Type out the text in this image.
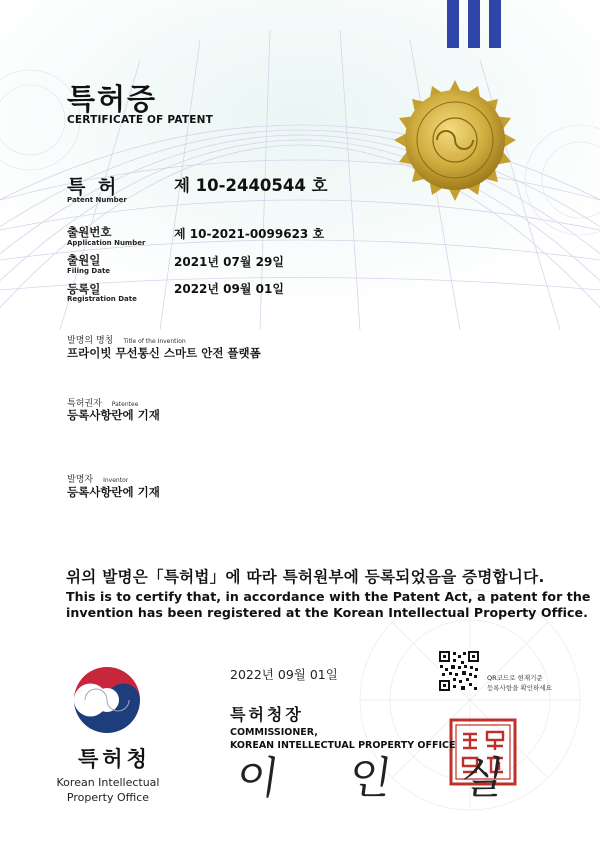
특허증
CERTIFICATE OF PATENT
특 허
Patent Number
제 10-2440544 호
출원번호
Application Number
제 10-2021-0099623 호
출원일
Filing Date
2021년 07월 29일
등록일
Registration Date
2022년 09월 01일
발명의 명칭 Title of the Invention
프라이빗 무선통신 스마트 안전 플랫폼
특허권자 Patentee
등록사항란에 기재
발명자 Inventor
등록사항란에 기재
위의 발명은「특허법」에 따라 특허원부에 등록되었음을 증명합니다.
This is to certify that, in accordance with the Patent Act, a patent for the
invention has been registered at the Korean Intellectual Property Office.
2022년 09월 01일	QR코드로 현재기준
등록사항을 확인하세요
특허청장
COMMISSIONER,
KOREAN INTELLECTUAL PROPERTY OFFICE
이 인 실
특허청
Korean Intellectual
Property Office
